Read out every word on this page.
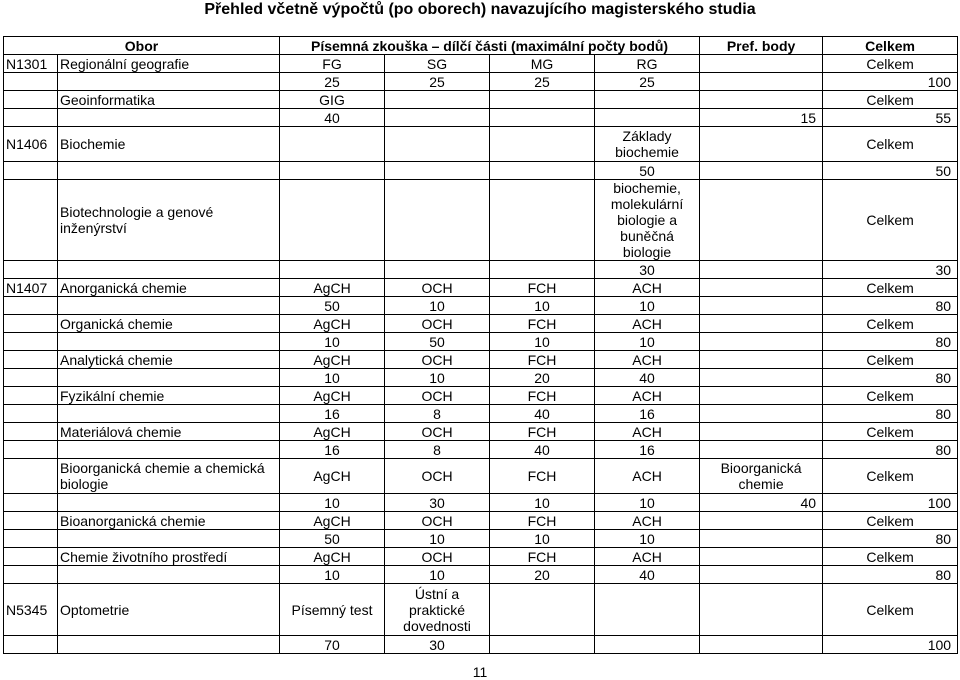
Přehled včetně výpočtů (po oborech) navazujícího magisterského studia
Obor		Písemná zkouška – dílčí části (maximální počty bodů)				Pref. body	Celkem
N1301	Regionální geografie	FG	SG	MG	RG		Celkem
		25	25	25	25		100
	Geoinformatika	GIG					Celkem
		40				15	55
N1406	Biochemie				Základy biochemie		Celkem
					50		50
	Biotechnologie a genové inženýrství				biochemie, molekulární biologie a buněčná biologie		Celkem
					30		30
N1407	Anorganická chemie	AgCH	OCH	FCH	ACH		Celkem
		50	10	10	10		80
	Organická chemie	AgCH	OCH	FCH	ACH		Celkem
		10	50	10	10		80
	Analytická chemie	AgCH	OCH	FCH	ACH		Celkem
		10	10	20	40		80
	Fyzikální chemie	AgCH	OCH	FCH	ACH		Celkem
		16	8	40	16		80
	Materiálová chemie	AgCH	OCH	FCH	ACH		Celkem
		16	8	40	16		80
	Bioorganická chemie a chemická biologie	AgCH	OCH	FCH	ACH	Bioorganická chemie	Celkem
		10	30	10	10	40	100
	Bioanorganická chemie	AgCH	OCH	FCH	ACH		Celkem
		50	10	10	10		80
	Chemie životního prostředí	AgCH	OCH	FCH	ACH		Celkem
		10	10	20	40		80
N5345	Optometrie	Písemný test	Ústní a praktické dovednosti				Celkem
		70	30				100
11
